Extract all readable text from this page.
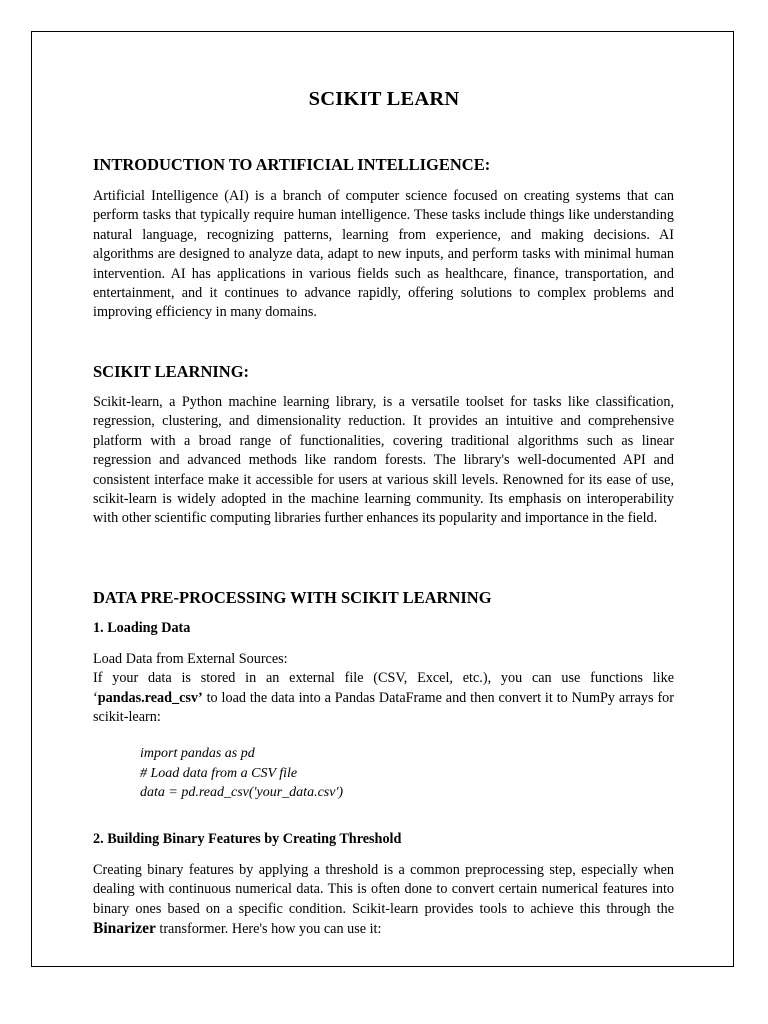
SCIKIT LEARN
INTRODUCTION TO ARTIFICIAL INTELLIGENCE:

Artificial Intelligence (AI) is a branch of computer science focused on creating systems that can perform tasks that typically require human intelligence. These tasks include things like understanding natural language, recognizing patterns, learning from experience, and making decisions. AI algorithms are designed to analyze data, adapt to new inputs, and perform tasks with minimal human intervention. AI has applications in various fields such as healthcare, finance, transportation, and entertainment, and it continues to advance rapidly, offering solutions to complex problems and improving efficiency in many domains.

SCIKIT LEARNING:

Scikit-learn, a Python machine learning library, is a versatile toolset for tasks like classification, regression, clustering, and dimensionality reduction. It provides an intuitive and comprehensive platform with a broad range of functionalities, covering traditional algorithms such as linear regression and advanced methods like random forests. The library's well-documented API and consistent interface make it accessible for users at various skill levels. Renowned for its ease of use, scikit-learn is widely adopted in the machine learning community. Its emphasis on interoperability with other scientific computing libraries further enhances its popularity and importance in the field.

DATA PRE-PROCESSING WITH SCIKIT LEARNING
1. Loading Data

Load Data from External Sources:
If your data is stored in an external file (CSV, Excel, etc.), you can use functions like ‘pandas.read_csv’ to load the data into a Pandas DataFrame and then convert it to NumPy arrays for scikit-learn:

import pandas as pd
# Load data from a CSV file
data = pd.read_csv('your_data.csv')
2. Building Binary Features by Creating Threshold

Creating binary features by applying a threshold is a common preprocessing step, especially when dealing with continuous numerical data. This is often done to convert certain numerical features into binary ones based on a specific condition. Scikit-learn provides tools to achieve this through the Binarizer transformer. Here's how you can use it:
